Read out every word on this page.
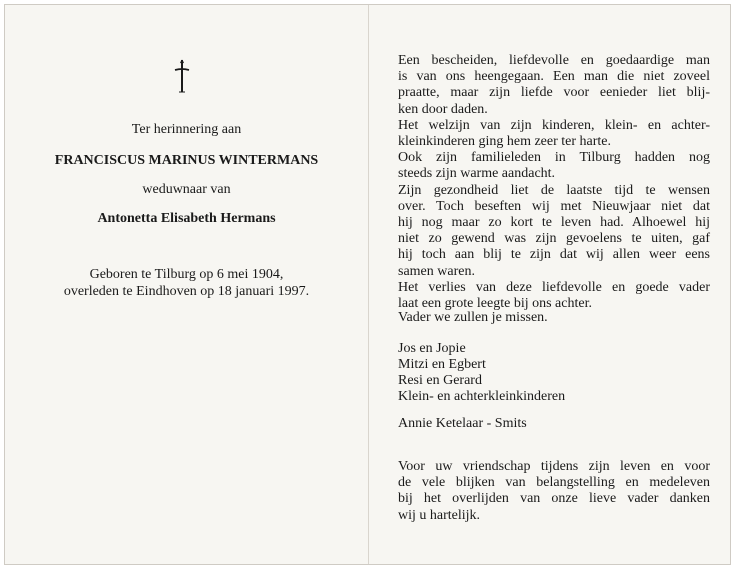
Ter herinnering aan
FRANCISCUS MARINUS WINTERMANS
weduwnaar van
Antonetta Elisabeth Hermans
Geboren te Tilburg op 6 mei 1904,
overleden te Eindhoven op 18 januari 1997.
Een bescheiden, liefdevolle en goedaardige man
is van ons heengegaan. Een man die niet zoveel
praatte, maar zijn liefde voor eenieder liet blij-
ken door daden.
Het welzijn van zijn kinderen, klein- en achter-
kleinkinderen ging hem zeer ter harte.
Ook zijn familieleden in Tilburg hadden nog
steeds zijn warme aandacht.
Zijn gezondheid liet de laatste tijd te wensen
over. Toch beseften wij met Nieuwjaar niet dat
hij nog maar zo kort te leven had. Alhoewel hij
niet zo gewend was zijn gevoelens te uiten, gaf
hij toch aan blij te zijn dat wij allen weer eens
samen waren.
Het verlies van deze liefdevolle en goede vader
laat een grote leegte bij ons achter.
Vader we zullen je missen.
Jos en Jopie
Mitzi en Egbert
Resi en Gerard
Klein- en achterkleinkinderen
Annie Ketelaar - Smits
Voor uw vriendschap tijdens zijn leven en voor
de vele blijken van belangstelling en medeleven
bij het overlijden van onze lieve vader danken
wij u hartelijk.
